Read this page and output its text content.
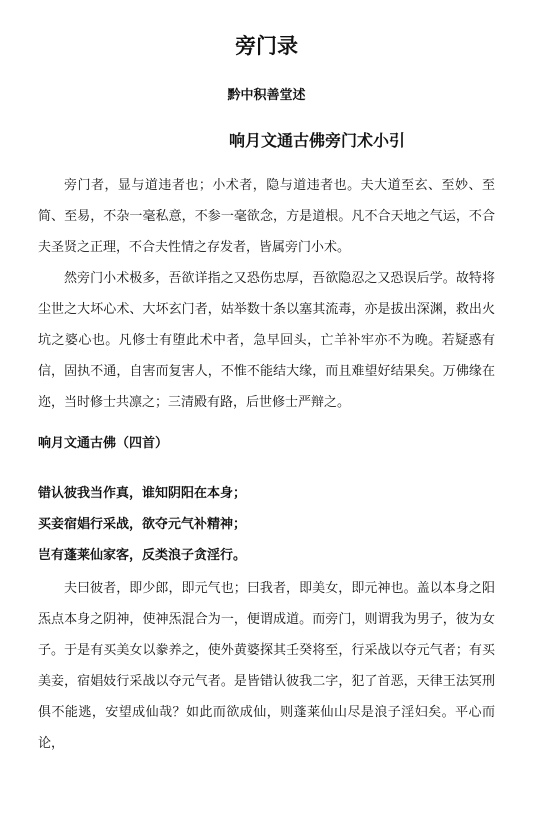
旁门录
黔中积善堂述
响月文通古佛旁门术小引

旁门者，显与道违者也；小术者，隐与道违者也。夫大道至玄、至妙、至简、至易，不杂一毫私意，不参一毫欲念，方是道根。凡不合天地之气运，不合夫圣贤之正理，不合夫性情之存发者，皆属旁门小术。

然旁门小术极多，吾欲详指之又恐伤忠厚，吾欲隐忍之又恐误后学。故特将尘世之大坏心术、大坏玄门者，姑举数十条以塞其流毒，亦是拔出深渊，救出火坑之婆心也。凡修士有堕此术中者，急早回头，亡羊补牢亦不为晚。若疑惑有信，固执不通，自害而复害人，不惟不能结大缘，而且难望好结果矣。万佛缘在迩，当时修士共凛之；三清殿有路，后世修士严辩之。

响月文通古佛（四首）

错认彼我当作真，谁知阴阳在本身；

买妾宿娼行采战，欲夺元气补精神；

岂有蓬莱仙家客，反类浪子贪淫行。

夫曰彼者，即少郎，即元气也；曰我者，即美女，即元神也。盖以本身之阳炁点本身之阴神，使神炁混合为一，便谓成道。而旁门，则谓我为男子，彼为女子。于是有买美女以豢养之，使外黄婆探其壬癸将至，行采战以夺元气者；有买美妾，宿娼妓行采战以夺元气者。是皆错认彼我二字，犯了首恶，天律王法冥刑俱不能逃，安望成仙哉？如此而欲成仙，则蓬莱仙山尽是浪子淫妇矣。平心而论，
